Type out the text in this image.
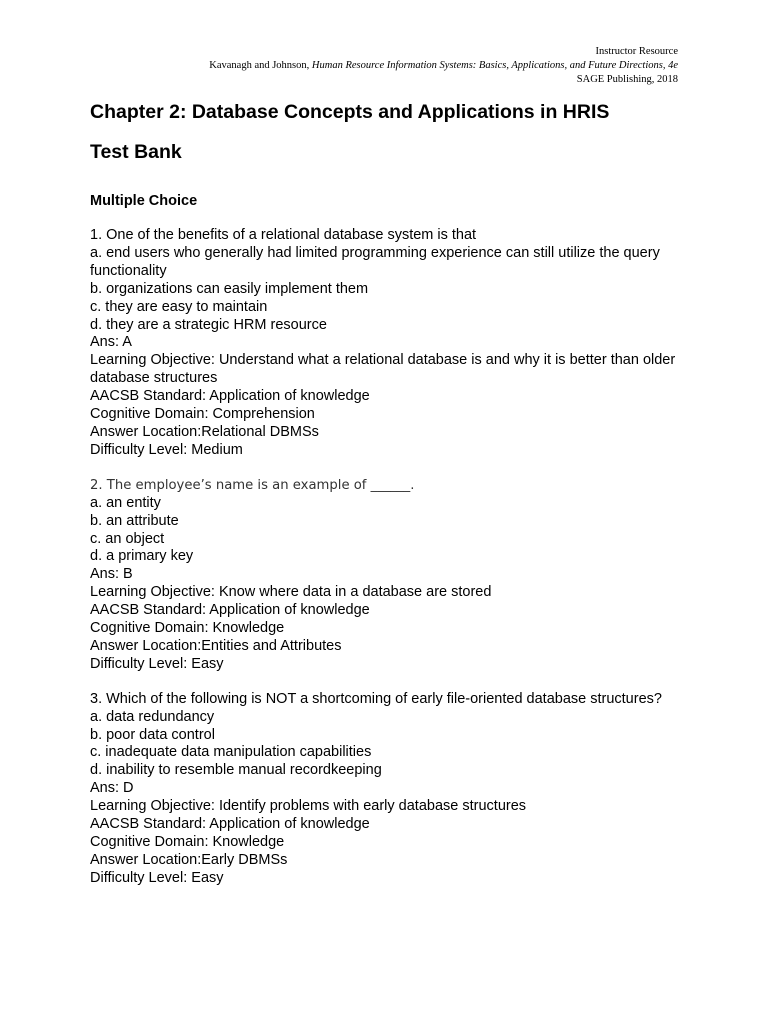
Instructor Resource
Kavanagh and Johnson, Human Resource Information Systems: Basics, Applications, and Future Directions, 4e
SAGE Publishing, 2018
Chapter 2: Database Concepts and Applications in HRIS
Test Bank
Multiple Choice
1. One of the benefits of a relational database system is that
a. end users who generally had limited programming experience can still utilize the query functionality
b. organizations can easily implement them
c. they are easy to maintain
d. they are a strategic HRM resource
Ans: A
Learning Objective: Understand what a relational database is and why it is better than older database structures
AACSB Standard: Application of knowledge
Cognitive Domain: Comprehension
Answer Location:Relational DBMSs
Difficulty Level: Medium
2. The employee’s name is an example of ______.
a. an entity
b. an attribute
c. an object
d. a primary key
Ans: B
Learning Objective: Know where data in a database are stored
AACSB Standard: Application of knowledge
Cognitive Domain: Knowledge
Answer Location:Entities and Attributes
Difficulty Level: Easy
3. Which of the following is NOT a shortcoming of early file-oriented database structures?
a. data redundancy
b. poor data control
c. inadequate data manipulation capabilities
d. inability to resemble manual recordkeeping
Ans: D
Learning Objective: Identify problems with early database structures
AACSB Standard: Application of knowledge
Cognitive Domain: Knowledge
Answer Location:Early DBMSs
Difficulty Level: Easy
